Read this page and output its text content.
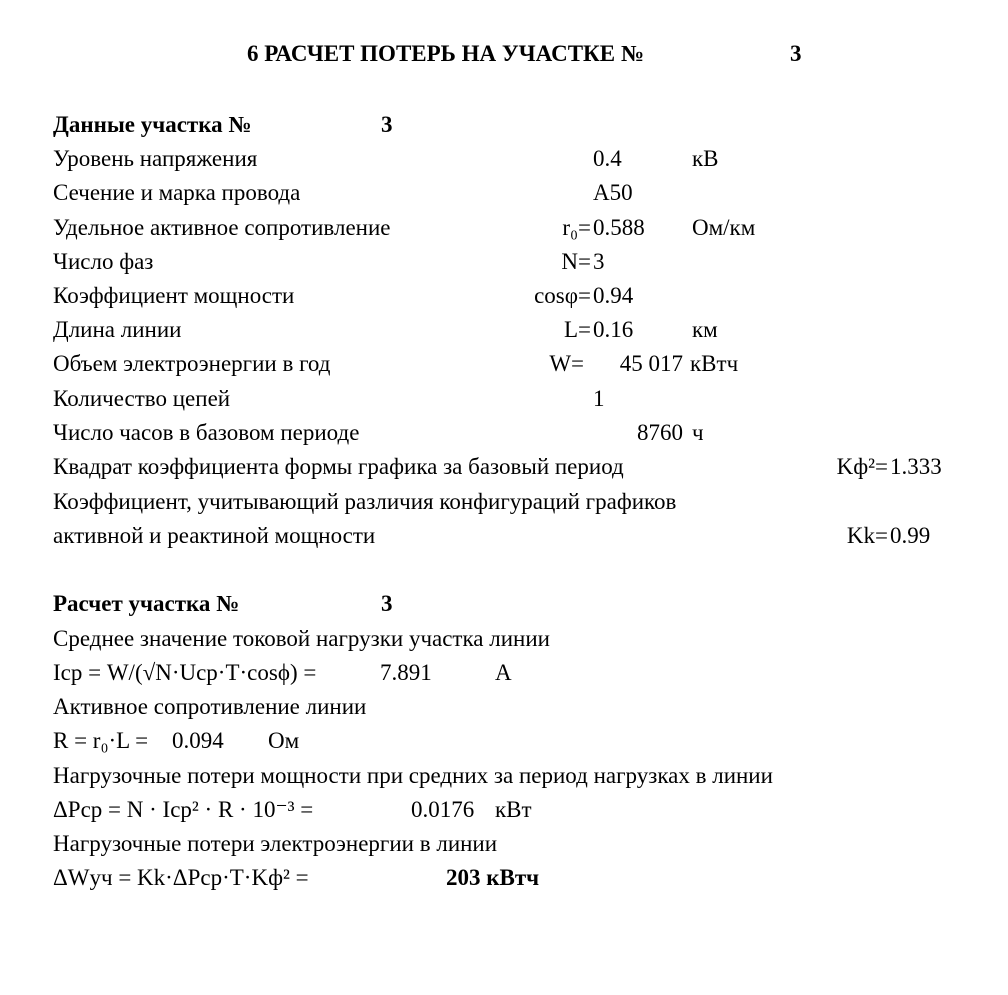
6 РАСЧЕТ ПОТЕРЬ НА УЧАСТКЕ №	3
Данные участка №	3
Уровень напряжения	0.4	кВ
Сечение и марка провода	А50
Удельное активное сопротивление	r₀= 0.588 Ом/км
Число фаз	N= 3
Коэффициент мощности	cosφ= 0.94
Длина линии	L= 0.16	км
Объем электроэнергии в год	W= 45 017 кВтч
Количество цепей	1
Число часов в базовом периоде	8760 ч
Квадрат коэффициента формы графика за базовый период	Kф²= 1.333
Коэффициент, учитывающий различия конфигураций графиков
активной и реактиной мощности	Kk= 0.99
Расчет участка №	3
Среднее значение токовой нагрузки участка линии
Iср = W/(√N·Uср·T·cosϕ) =	7.891	А
Активное сопротивление линии
R = r₀·L = 0.094 Ом
Нагрузочные потери мощности при средних за период нагрузках в линии
ΔPср = N · Iср² · R · 10⁻³ =	0.0176 кВт
Нагрузочные потери электроэнергии в линии
ΔWуч = Kk·ΔPср·T·Kф² =	203 кВтч
